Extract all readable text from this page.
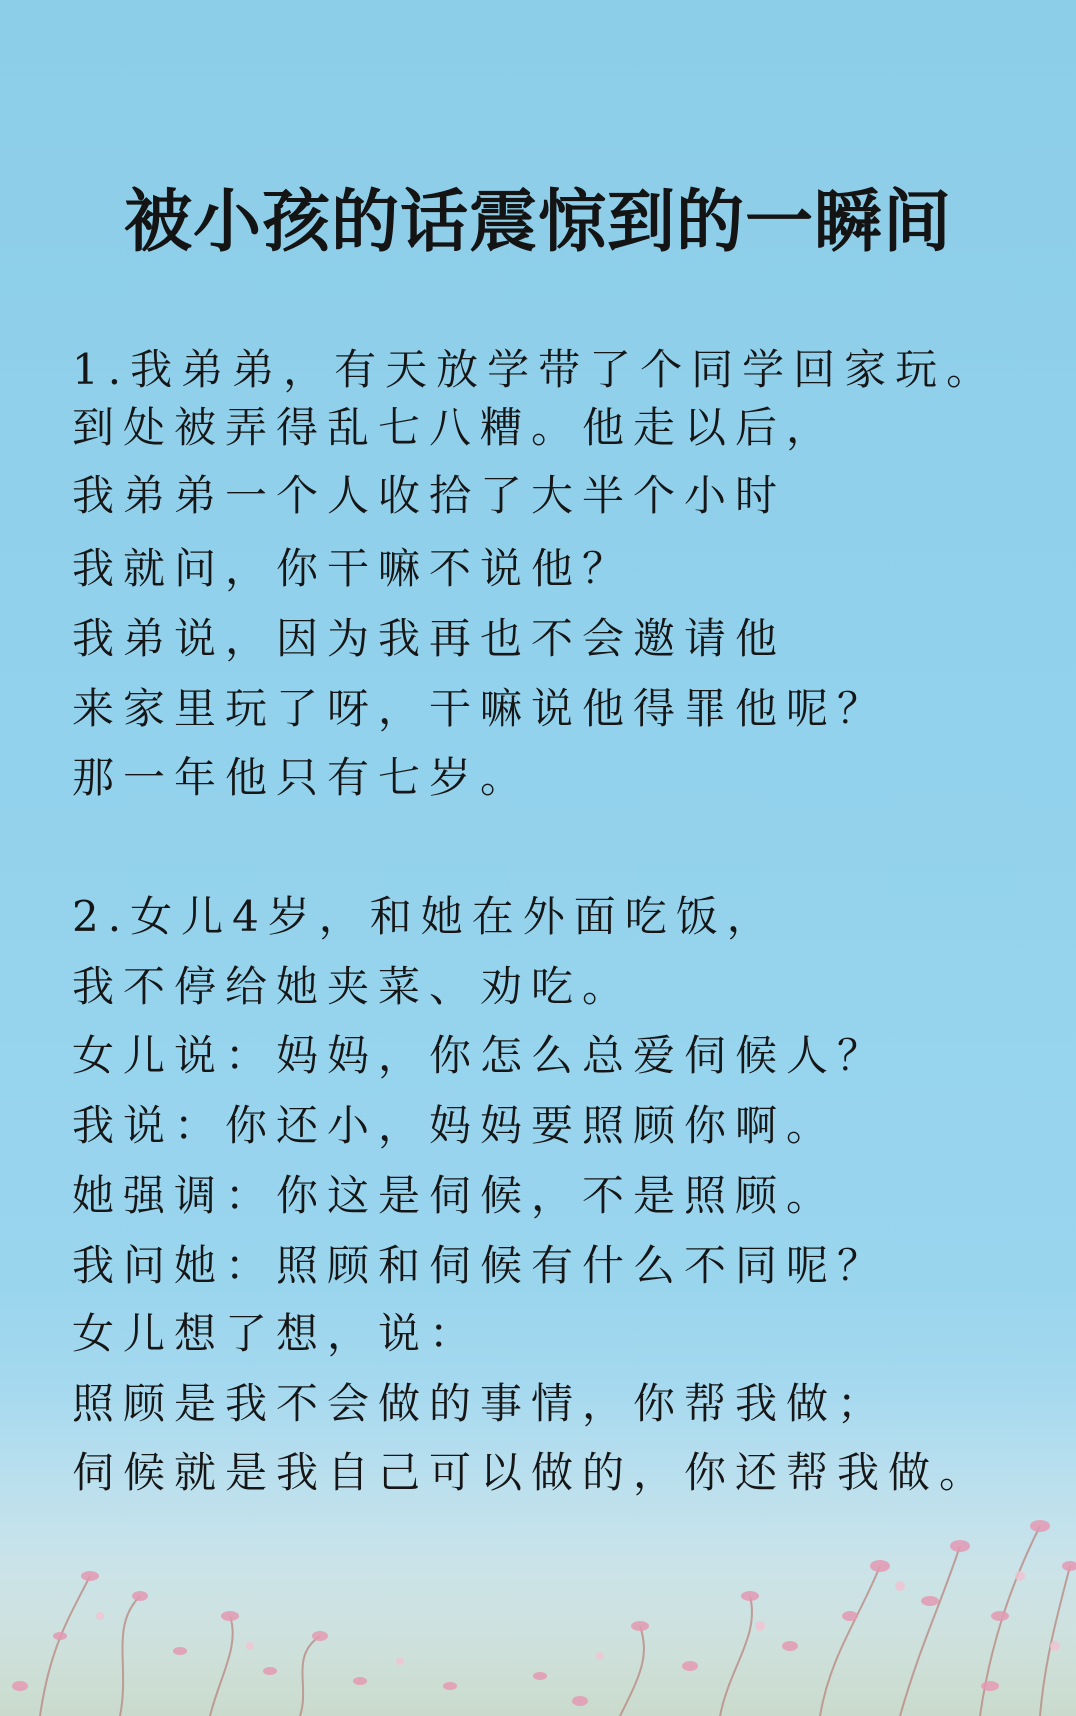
被小孩的话震惊到的一瞬间
1.我弟弟，有天放学带了个同学回家玩。
到处被弄得乱七八糟。他走以后，
我弟弟一个人收拾了大半个小时
我就问，你干嘛不说他？
我弟说，因为我再也不会邀请他
来家里玩了呀，干嘛说他得罪他呢？
那一年他只有七岁。
2.女儿4岁，和她在外面吃饭，
我不停给她夹菜、劝吃。
女儿说：妈妈，你怎么总爱伺候人？
我说：你还小，妈妈要照顾你啊。
她强调：你这是伺候，不是照顾。
我问她：照顾和伺候有什么不同呢？
女儿想了想，说：
照顾是我不会做的事情，你帮我做；
伺候就是我自己可以做的，你还帮我做。
